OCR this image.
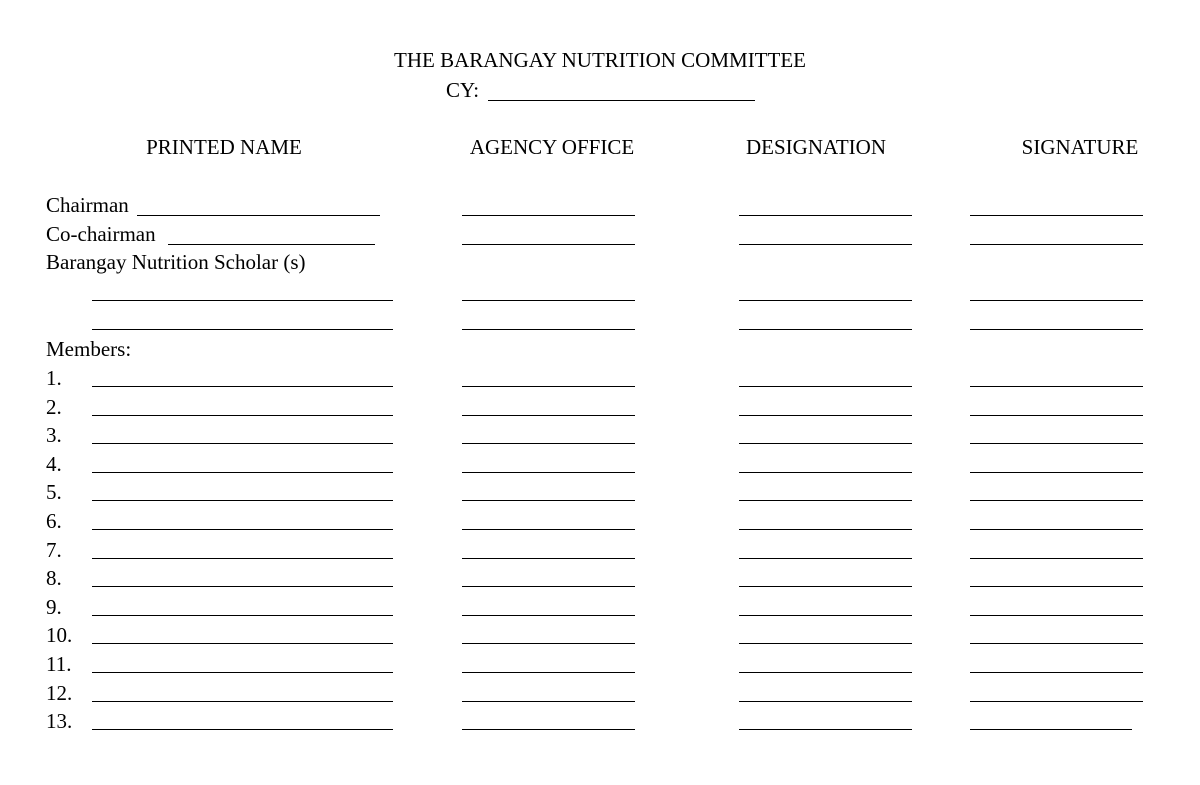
THE BARANGAY NUTRITION COMMITTEE
CY:
PRINTED NAME	AGENCY OFFICE	DESIGNATION	SIGNATURE
Chairman
Co-chairman
Barangay Nutrition Scholar (s)
Members:
1.
2.
3.
4.
5.
6.
7.
8.
9.
10.
11.
12.
13.
